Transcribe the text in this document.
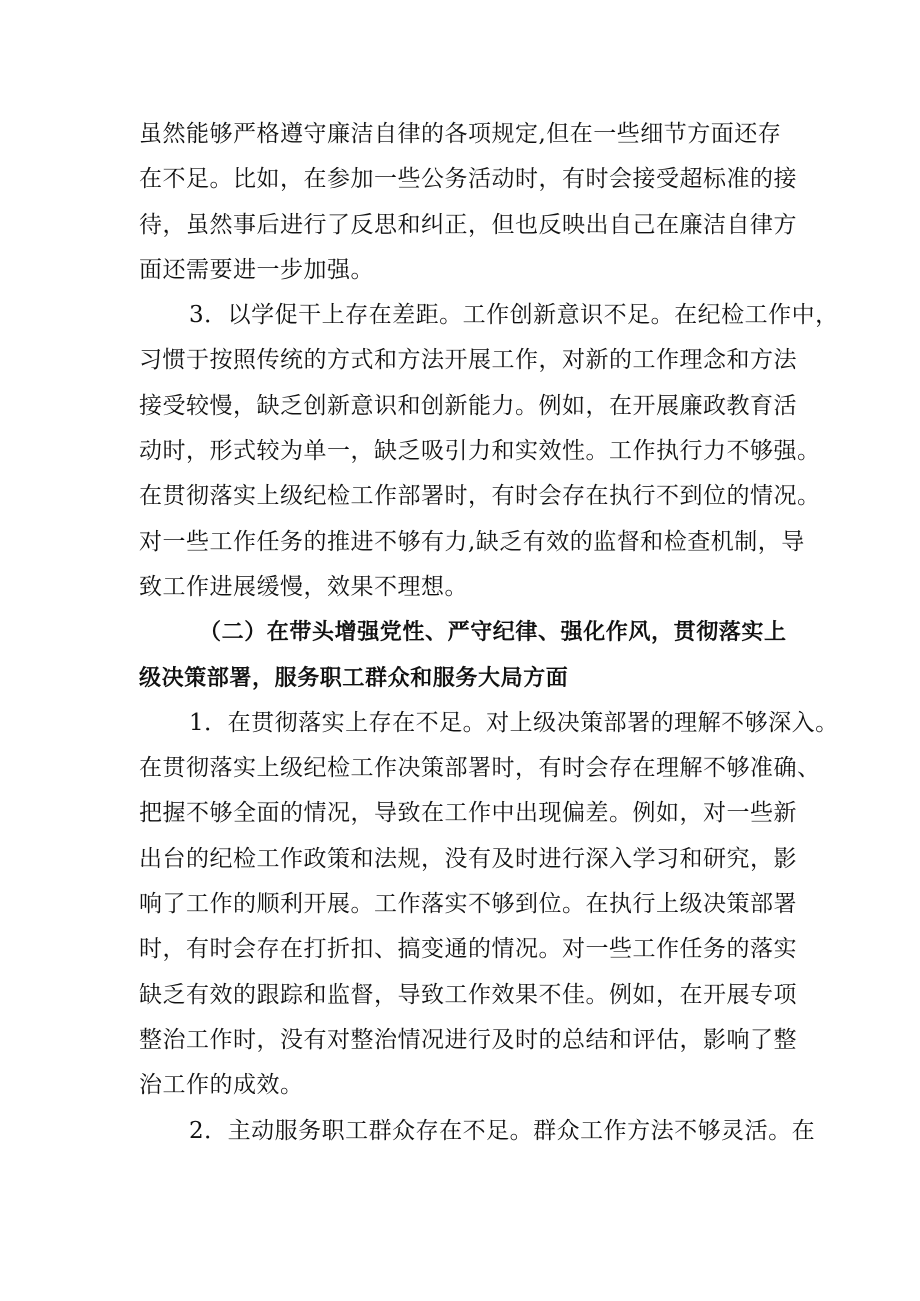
虽然能够严格遵守廉洁自律的各项规定,但在一些细节方面还存
在不足。比如，在参加一些公务活动时，有时会接受超标准的接
待，虽然事后进行了反思和纠正，但也反映出自己在廉洁自律方
面还需要进一步加强。
3．以学促干上存在差距。工作创新意识不足。在纪检工作中，
习惯于按照传统的方式和方法开展工作，对新的工作理念和方法
接受较慢，缺乏创新意识和创新能力。例如，在开展廉政教育活
动时，形式较为单一，缺乏吸引力和实效性。工作执行力不够强。
在贯彻落实上级纪检工作部署时，有时会存在执行不到位的情况。
对一些工作任务的推进不够有力,缺乏有效的监督和检查机制，导
致工作进展缓慢，效果不理想。
（二）在带头增强党性、严守纪律、强化作风，贯彻落实上
级决策部署，服务职工群众和服务大局方面
1．在贯彻落实上存在不足。对上级决策部署的理解不够深入。
在贯彻落实上级纪检工作决策部署时，有时会存在理解不够准确、
把握不够全面的情况，导致在工作中出现偏差。例如，对一些新
出台的纪检工作政策和法规，没有及时进行深入学习和研究，影
响了工作的顺利开展。工作落实不够到位。在执行上级决策部署
时，有时会存在打折扣、搞变通的情况。对一些工作任务的落实
缺乏有效的跟踪和监督，导致工作效果不佳。例如，在开展专项
整治工作时，没有对整治情况进行及时的总结和评估，影响了整
治工作的成效。
2．主动服务职工群众存在不足。群众工作方法不够灵活。在
